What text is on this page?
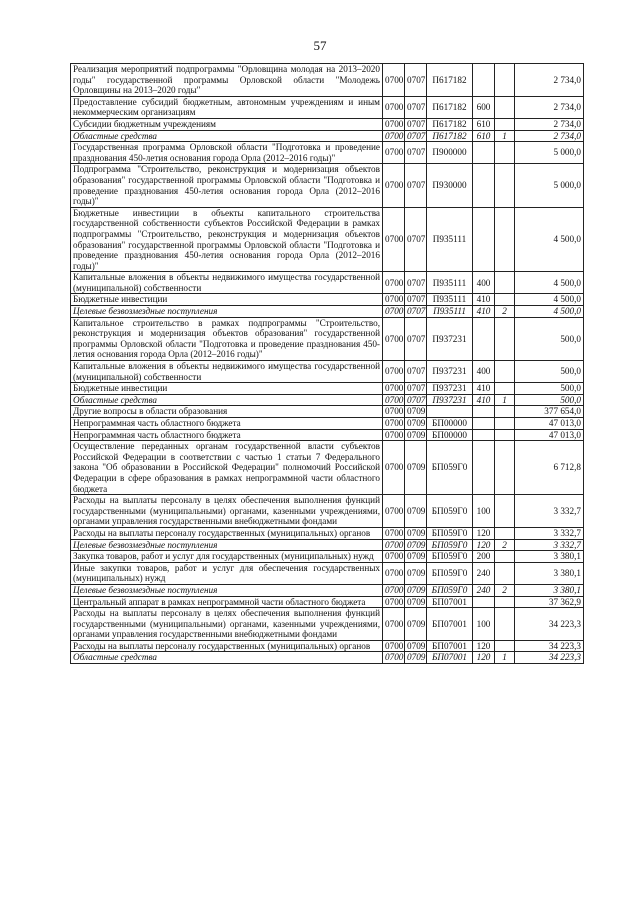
57
Реализация мероприятий подпрограммы "Орловщина молодая на 2013–2020 годы" государственной программы Орловской области "Молодежь Орловщины на 2013–2020 годы"	0700	0707	П617182			2 734,0
Предоставление субсидий бюджетным, автономным учреждениям и иным некоммерческим организациям	0700	0707	П617182	600		2 734,0
Субсидии бюджетным учреждениям	0700	0707	П617182	610		2 734,0
Областные средства	0700	0707	П617182	610	1	2 734,0
Государственная программа Орловской области "Подготовка и проведение празднования 450-летия основания города Орла (2012–2016 годы)"	0700	0707	П900000			5 000,0
Подпрограмма "Строительство, реконструкция и модернизация объектов образования" государственной программы Орловской области "Подготовка и проведение празднования 450-летия основания города Орла (2012–2016 годы)"	0700	0707	П930000			5 000,0
Бюджетные инвестиции в объекты капитального строительства государственной собственности субъектов Российской Федерации в рамках подпрограммы "Строительство, реконструкция и модернизация объектов образования" государственной программы Орловской области "Подготовка и проведение празднования 450-летия основания города Орла (2012–2016 годы)"	0700	0707	П935111			4 500,0
Капитальные вложения в объекты недвижимого имущества государственной (муниципальной) собственности	0700	0707	П935111	400		4 500,0
Бюджетные инвестиции	0700	0707	П935111	410		4 500,0
Целевые безвозмездные поступления	0700	0707	П935111	410	2	4 500,0
Капитальное строительство в рамках подпрограммы "Строительство, реконструкция и модернизация объектов образования" государственной программы Орловской области "Подготовка и проведение празднования 450-летия основания города Орла (2012–2016 годы)"	0700	0707	П937231			500,0
Капитальные вложения в объекты недвижимого имущества государственной (муниципальной) собственности	0700	0707	П937231	400		500,0
Бюджетные инвестиции	0700	0707	П937231	410		500,0
Областные средства	0700	0707	П937231	410	1	500,0
Другие вопросы в области образования	0700	0709				377 654,0
Непрограммная часть областного бюджета	0700	0709	БП00000			47 013,0
Непрограммная часть областного бюджета	0700	0709	БП00000			47 013,0
Осуществление переданных органам государственной власти субъектов Российской Федерации в соответствии с частью 1 статьи 7 Федерального закона "Об образовании в Российской Федерации" полномочий Российской Федерации в сфере образования в рамках непрограммной части областного бюджета	0700	0709	БП059Г0			6 712,8
Расходы на выплаты персоналу в целях обеспечения выполнения функций государственными (муниципальными) органами, казенными учреждениями, органами управления государственными внебюджетными фондами	0700	0709	БП059Г0	100		3 332,7
Расходы на выплаты персоналу государственных (муниципальных) органов	0700	0709	БП059Г0	120		3 332,7
Целевые безвозмездные поступления	0700	0709	БП059Г0	120	2	3 332,7
Закупка товаров, работ и услуг для государственных (муниципальных) нужд	0700	0709	БП059Г0	200		3 380,1
Иные закупки товаров, работ и услуг для обеспечения государственных (муниципальных) нужд	0700	0709	БП059Г0	240		3 380,1
Целевые безвозмездные поступления	0700	0709	БП059Г0	240	2	3 380,1
Центральный аппарат в рамках непрограммной части областного бюджета	0700	0709	БП07001			37 362,9
Расходы на выплаты персоналу в целях обеспечения выполнения функций государственными (муниципальными) органами, казенными учреждениями, органами управления государственными внебюджетными фондами	0700	0709	БП07001	100		34 223,3
Расходы на выплаты персоналу государственных (муниципальных) органов	0700	0709	БП07001	120		34 223,3
Областные средства	0700	0709	БП07001	120	1	34 223,3
